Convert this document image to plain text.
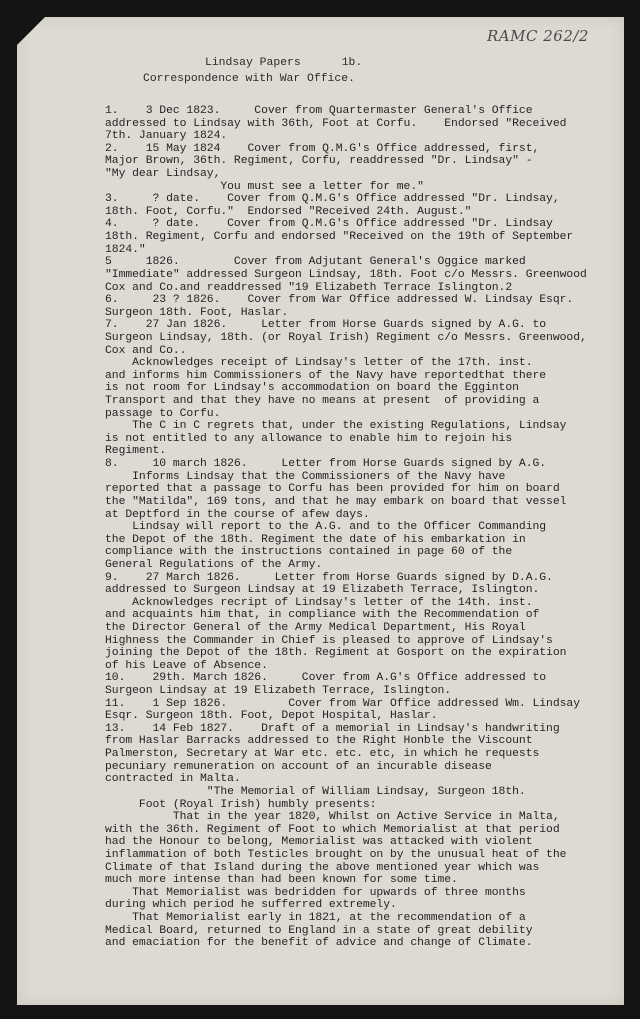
RAMC 262/2
Lindsay Papers      1b.
Correspondence with War Office.
1.    3 Dec 1823.     Cover from Quartermaster General's Office
addressed to Lindsay with 36th, Foot at Corfu.    Endorsed "Received
7th. January 1824.
2.    15 May 1824    Cover from Q.M.G's Office addressed, first,
Major Brown, 36th. Regiment, Corfu, readdressed "Dr. Lindsay" -
"My dear Lindsay,
You must see a letter for me."
3.     ? date.    Cover from Q.M.G's Office addressed "Dr. Lindsay,
18th. Foot, Corfu."  Endorsed "Received 24th. August."
4.     ? date.    Cover from Q.M.G's Office addressed "Dr. Lindsay
18th. Regiment, Corfu and endorsed "Received on the 19th of September
1824."
5     1826.        Cover from Adjutant General's Oggice marked
"Immediate" addressed Surgeon Lindsay, 18th. Foot c/o Messrs. Greenwood
Cox and Co.and readdressed "19 Elizabeth Terrace Islington.2
6.     23 ? 1826.    Cover from War Office addressed W. Lindsay Esqr.
Surgeon 18th. Foot, Haslar.
7.    27 Jan 1826.     Letter from Horse Guards signed by A.G. to
Surgeon Lindsay, 18th. (or Royal Irish) Regiment c/o Messrs. Greenwood,
Cox and Co..
Acknowledges receipt of Lindsay's letter of the 17th. inst.
and informs him Commissioners of the Navy have reportedthat there
is not room for Lindsay's accommodation on board the Egginton
Transport and that they have no means at present  of providing a
passage to Corfu.
The C in C regrets that, under the existing Regulations, Lindsay
is not entitled to any allowance to enable him to rejoin his
Regiment.
8.     10 march 1826.     Letter from Horse Guards signed by A.G.
Informs Lindsay that the Commissioners of the Navy have
reported that a passage to Corfu has been provided for him on board
the "Matilda", 169 tons, and that he may embark on board that vessel
at Deptford in the course of afew days.
Lindsay will report to the A.G. and to the Officer Commanding
the Depot of the 18th. Regiment the date of his embarkation in
compliance with the instructions contained in page 60 of the
General Regulations of the Army.
9.    27 March 1826.     Letter from Horse Guards signed by D.A.G.
addressed to Surgeon Lindsay at 19 Elizabeth Terrace, Islington.
Acknowledges recript of Lindsay's letter of the 14th. inst.
and acquaints him that, in compliance with the Recommendation of
the Director General of the Army Medical Department, His Royal
Highness the Commander in Chief is pleased to approve of Lindsay's
joining the Depot of the 18th. Regiment at Gosport on the expiration
of his Leave of Absence.
10.    29th. March 1826.     Cover from A.G's Office addressed to
Surgeon Lindsay at 19 Elizabeth Terrace, Islington.
11.    1 Sep 1826.         Cover from War Office addressed Wm. Lindsay
Esqr. Surgeon 18th. Foot, Depot Hospital, Haslar.
13.    14 Feb 1827.    Draft of a memorial in Lindsay's handwriting
from Haslar Barracks addressed to the Right Honble the Viscount
Palmerston, Secretary at War etc. etc. etc, in which he requests
pecuniary remuneration on account of an incurable disease
contracted in Malta.
"The Memorial of William Lindsay, Surgeon 18th.
Foot (Royal Irish) humbly presents:
That in the year 1820, Whilst on Active Service in Malta,
with the 36th. Regiment of Foot to which Memorialist at that period
had the Honour to belong, Memorialist was attacked with violent
inflammation of both Testicles brought on by the unusual heat of the
Climate of that Island during the above mentioned year which was
much more intense than had been known for some time.
That Memorialist was bedridden for upwards of three months
during which period he sufferred extremely.
That Memorialist early in 1821, at the recommendation of a
Medical Board, returned to England in a state of great debility
and emaciation for the benefit of advice and change of Climate.
